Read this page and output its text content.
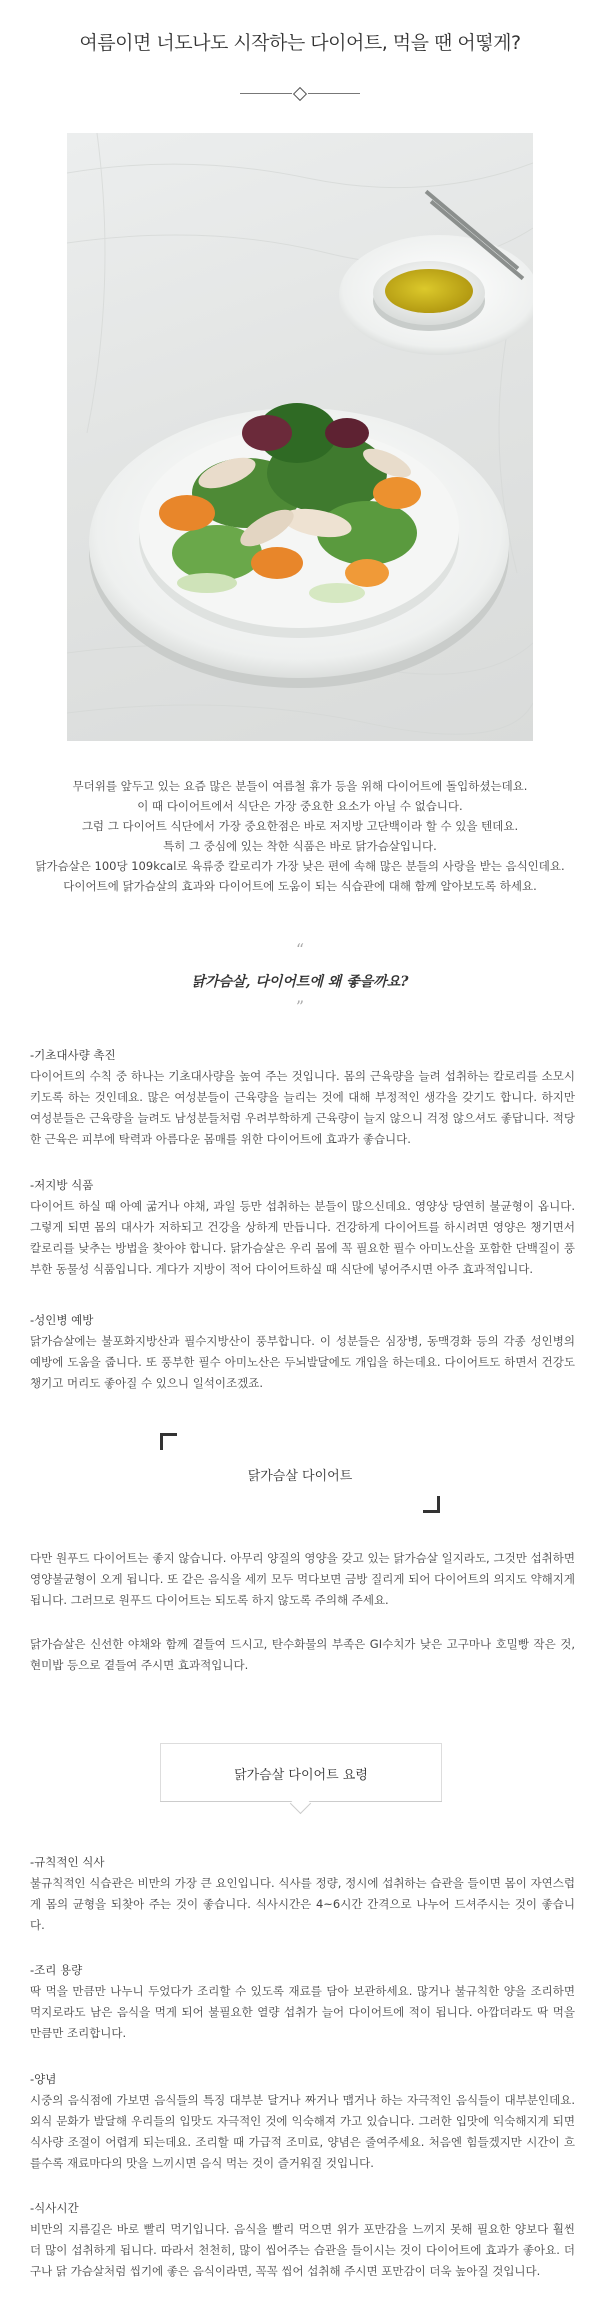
여름이면 너도나도 시작하는 다이어트, 먹을 땐 어떻게?

무더위를 앞두고 있는 요즘 많은 분들이 여름철 휴가 등을 위해 다이어트에 돌입하셨는데요.

이 때 다이어트에서 식단은 가장 중요한 요소가 아닐 수 없습니다.

그럼 그 다이어트 식단에서 가장 중요한점은 바로 저지방 고단백이라 할 수 있을 텐데요.

특히 그 중심에 있는 착한 식품은 바로 닭가슴살입니다.

닭가슴살은 100당 109kcal로 육류중 칼로리가 가장 낮은 편에 속해 많은 분들의 사랑을 받는 음식인데요.

다이어트에 닭가슴살의 효과와 다이어트에 도움이 되는 식습관에 대해 함께 알아보도록 하세요.

“
닭가슴살, 다이어트에 왜 좋을까요?
”
-기초대사량 촉진
다이어트의 수칙 중 하나는 기초대사량을 높여 주는 것입니다. 몸의 근육량을 늘려 섭취하는 칼로리를 소모시키도록 하는 것인데요. 많은 여성분들이 근육량을 늘리는 것에 대해 부정적인 생각을 갖기도 합니다. 하지만 여성분들은 근육량을 늘려도 남성분들처럼 우려부학하게 근육량이 늘지 않으니 걱정 않으셔도 좋답니다. 적당한 근육은 피부에 탁력과 아름다운 몸매를 위한 다이어트에 효과가 좋습니다.
-저지방 식품
다이어트 하실 때 아예 굶거나 야채, 과일 등만 섭취하는 분들이 많으신데요. 영양상 당연히 불균형이 옵니다. 그렇게 되면 몸의 대사가 저하되고 건강을 상하게 만듭니다. 건강하게 다이어트를 하시려면 영양은 챙기면서 칼로리를 낮추는 방법을 찾아야 합니다. 닭가슴살은 우리 몸에 꼭 필요한 필수 아미노산을 포함한 단백질이 풍부한 동물성 식품입니다. 게다가 지방이 적어 다이어트하실 때 식단에 넣어주시면 아주 효과적입니다.
-성인병 예방
닭가슴살에는 불포화지방산과 필수지방산이 풍부합니다. 이 성분들은 심장병, 동맥경화 등의 각종 성인병의 예방에 도움을 줍니다. 또 풍부한 필수 아미노산은 두뇌발달에도 개입을 하는데요. 다이어트도 하면서 건강도 챙기고 머리도 좋아질 수 있으니 일석이조겠죠.
닭가슴살 다이어트

다만 원푸드 다이어트는 좋지 않습니다. 아무리 양질의 영양을 갖고 있는 닭가슴살 일지라도, 그것만 섭취하면 영양불균형이 오게 됩니다. 또 같은 음식을 세끼 모두 먹다보면 금방 질리게 되어 다이어트의 의지도 약해지게 됩니다. 그러므로 원푸드 다이어트는 되도록 하지 않도록 주의해 주세요.

닭가슴살은 신선한 야채와 함께 곁들여 드시고, 탄수화물의 부족은 GI수치가 낮은 고구마나 호밀빵 작은 것, 현미밥 등으로 곁들여 주시면 효과적입니다.

닭가슴살 다이어트 요령
-규칙적인 식사
불규칙적인 식습관은 비만의 가장 큰 요인입니다. 식사를 정량, 정시에 섭취하는 습관을 들이면 몸이 자연스럽게 몸의 균형을 되찾아 주는 것이 좋습니다. 식사시간은 4~6시간 간격으로 나누어 드셔주시는 것이 좋습니다.
-조리 용량
딱 먹을 만큼만 나누니 두었다가 조리할 수 있도록 재료를 담아 보관하세요. 많거나 불규칙한 양을 조리하면 먹지로라도 남은 음식을 먹게 되어 불필요한 열량 섭취가 늘어 다이어트에 적이 됩니다. 아깝더라도 딱 먹을 만큼만 조리합니다.
-양념
시중의 음식점에 가보면 음식들의 특징 대부분 달거나 짜거나 맵거나 하는 자극적인 음식들이 대부분인데요. 외식 문화가 발달해 우리들의 입맛도 자극적인 것에 익숙해져 가고 있습니다. 그러한 입맛에 익숙해지게 되면 식사량 조절이 어렵게 되는데요. 조리할 때 가급적 조미료, 양념은 줄여주세요. 처음엔 힘들겠지만 시간이 흐를수록 재료마다의 맛을 느끼시면 음식 먹는 것이 즐거워질 것입니다.
-식사시간
비만의 지름길은 바로 빨리 먹기입니다. 음식을 빨리 먹으면 위가 포만감을 느끼지 못해 필요한 양보다 훨씬 더 많이 섭취하게 됩니다. 따라서 천천히, 많이 씹어주는 습관을 들이시는 것이 다이어트에 효과가 좋아요. 더구나 닭 가슴살처럼 씹기에 좋은 음식이라면, 꼭꼭 씹어 섭취해 주시면 포만감이 더욱 높아질 것입니다.
